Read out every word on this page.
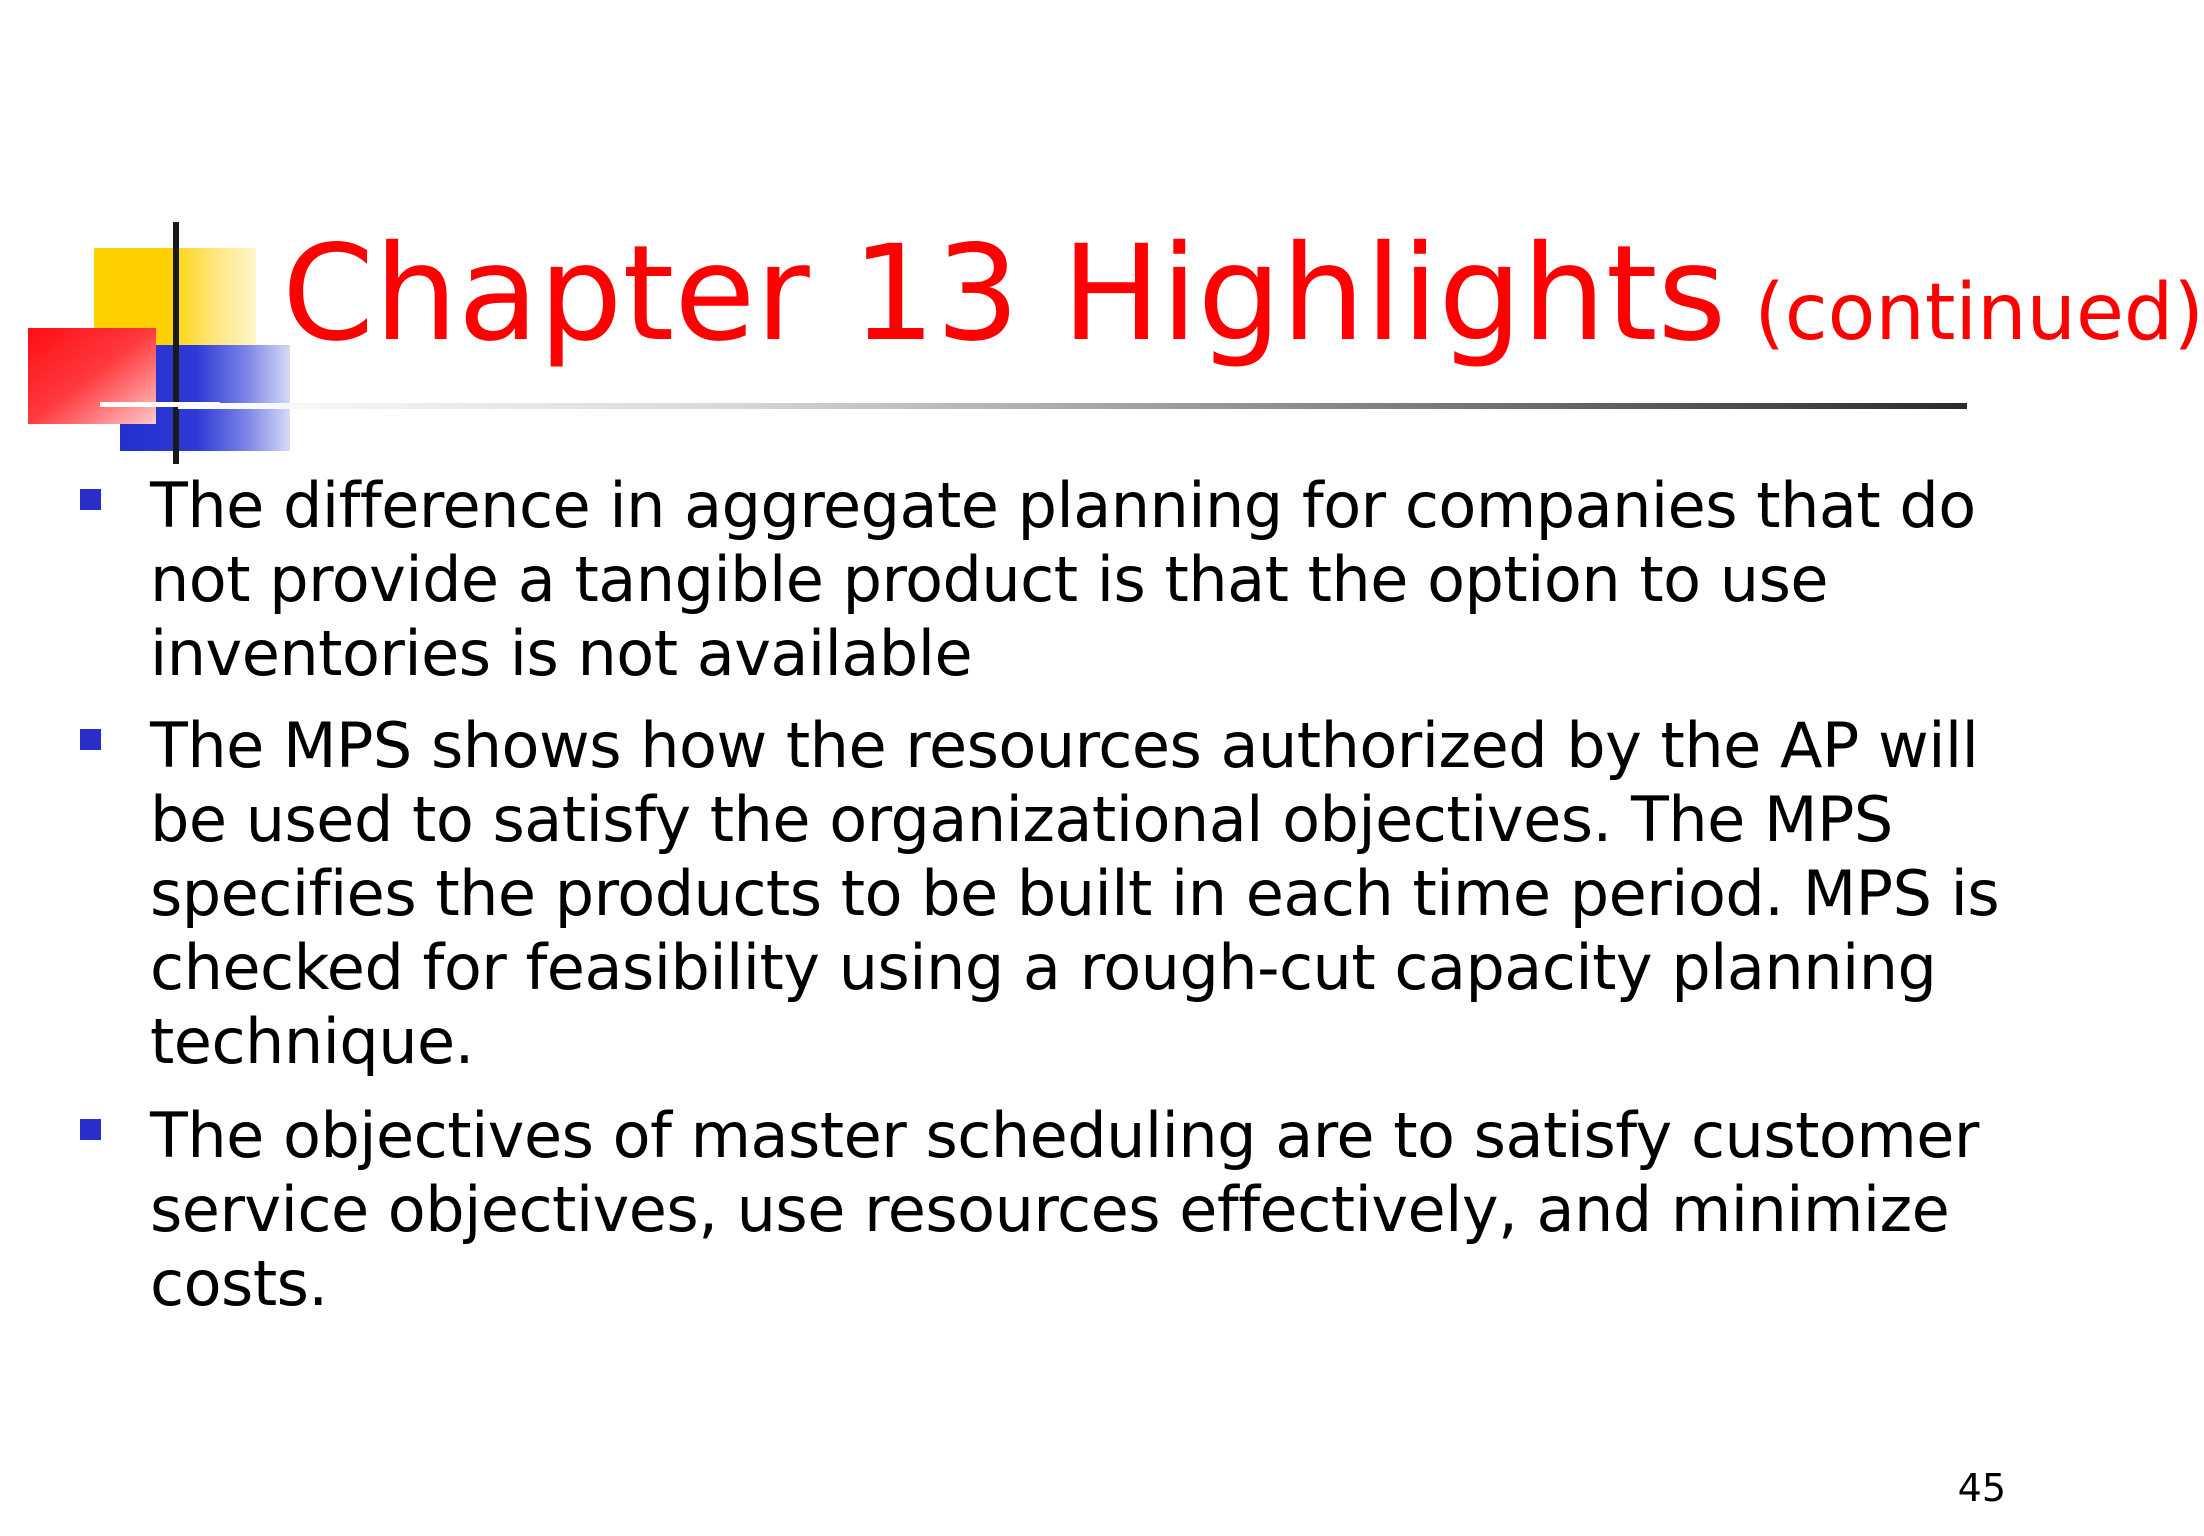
Chapter 13 Highlights (continued)
The difference in aggregate planning for companies that do not provide a tangible product is that the option to use inventories is not available
The MPS shows how the resources authorized by the AP will be used to satisfy the organizational objectives. The MPS specifies the products to be built in each time period. MPS is checked for feasibility using a rough-cut capacity planning technique.
The objectives of master scheduling are to satisfy customer service objectives, use resources effectively, and minimize costs.
45
